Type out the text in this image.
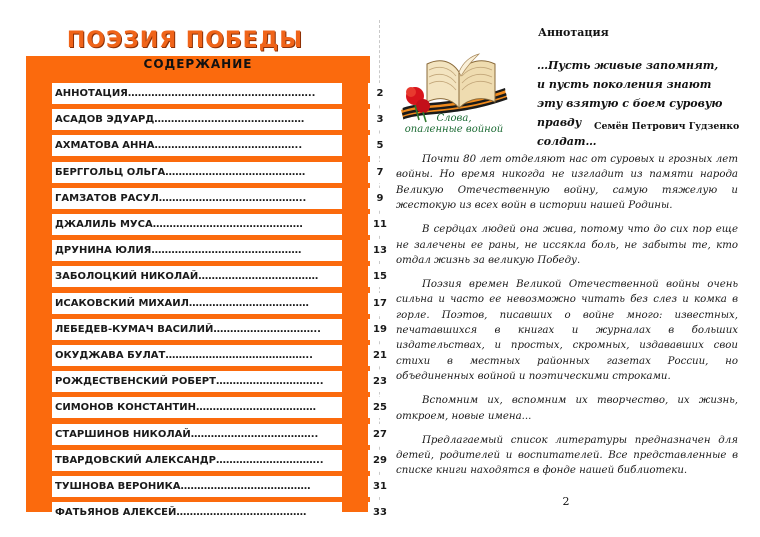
ПОЭЗИЯ ПОБЕДЫ
СОДЕРЖАНИЕ
АННОТАЦИЯ………………………………………………..	2
АСАДОВ ЭДУАРД………………………………………	3
АХМАТОВА АННА……………………………………..	5
БЕРГГОЛЬЦ ОЛЬГА……………………………………	7
ГАМЗАТОВ РАСУЛ……………………………………..	9
ДЖАЛИЛЬ МУСА………………………………………	11
ДРУНИНА ЮЛИЯ………………………………………	13
ЗАБОЛОЦКИЙ НИКОЛАЙ………………………………	15
ИСАКОВСКИЙ МИХАИЛ………………………………	17
ЛЕБЕДЕВ-КУМАЧ ВАСИЛИЙ…………………………..	19
ОКУДЖАВА БУЛАТ……………………………………..	21
РОЖДЕСТВЕНСКИЙ РОБЕРТ…………………………..	23
СИМОНОВ КОНСТАНТИН………………………………	25
СТАРШИНОВ НИКОЛАЙ………………………………..	27
ТВАРДОВСКИЙ АЛЕКСАНДР…………………………..	29
ТУШНОВА ВЕРОНИКА…………………………………	31
ФАТЬЯНОВ АЛЕКСЕЙ…………………………………	33
Аннотация
Слова,
опаленные войной

…Пусть живые запомнят,

и пусть поколения знают

эту взятую с боем суровую правду

солдат…

Семён Петрович Гудзенко

Почти 80 лет отделяют нас от суровых и грозных лет войны. Но время никогда не изгладит из памяти народа Великую Отечественную войну, самую тяжелую и жестокую из всех войн в истории нашей Родины.

В сердцах людей она жива, потому что до сих пор еще не залечены ее раны, не иссякла боль, не забыты те, кто отдал жизнь за великую Победу.

Поэзия времен Великой Отечественной войны очень сильна и часто ее невозможно читать без слез и комка в горле. Поэтов, писавших о войне много: известных, печатавшихся в книгах и журналах в больших издательствах, и простых, скромных, издававших свои стихи в местных районных газетах России, но объединенных войной и поэтическими строками.

Вспомним их, вспомним их творчество, их жизнь, откроем, новые имена...

Предлагаемый список литературы предназначен для детей, родителей и воспитателей. Все представленные в списке книги находятся в фонде нашей библиотеки.

2
